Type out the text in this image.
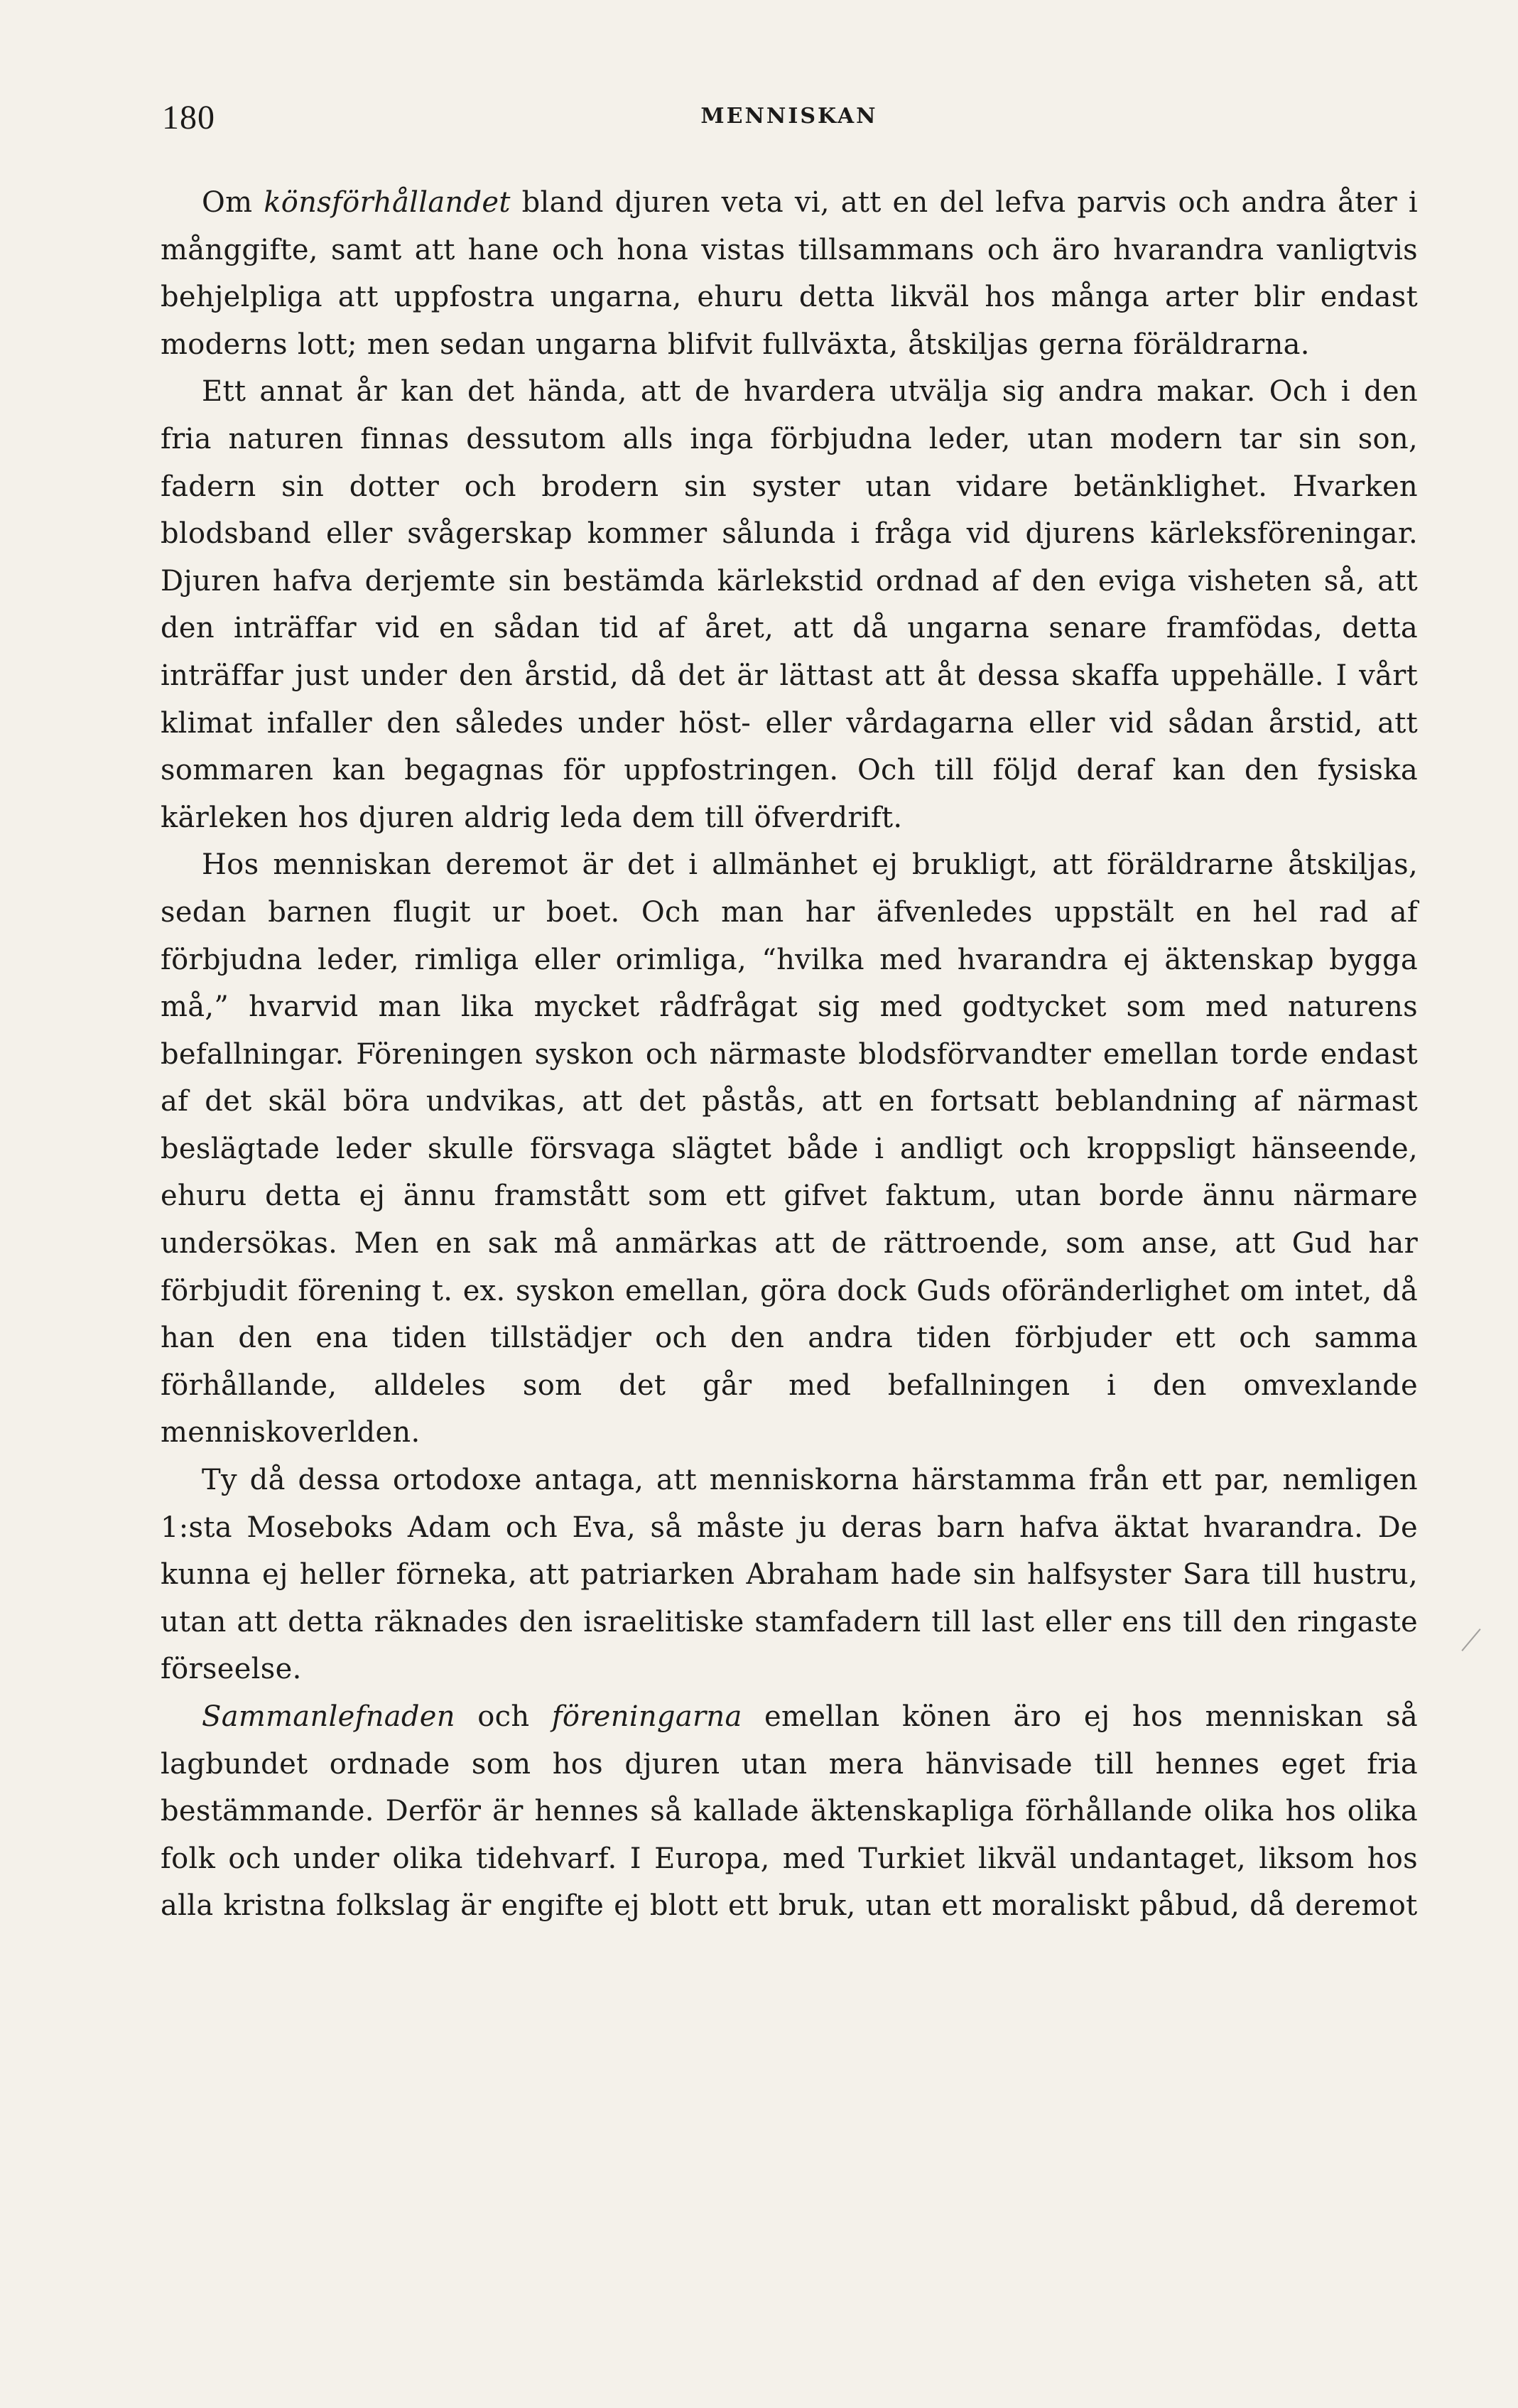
180	MENNISKAN

Om könsförhållandet bland djuren veta vi, att en del lefva parvis och andra åter i månggifte, samt att hane och hona vistas tillsammans och äro hvarandra vanligtvis behjelpliga att uppfostra ungarna, ehuru detta likväl hos många arter blir endast moderns lott; men sedan ungarna blifvit fullväxta, åtskiljas gerna föräldrarna.

Ett annat år kan det hända, att de hvardera utvälja sig andra makar. Och i den fria naturen finnas dessutom alls inga förbjudna leder, utan modern tar sin son, fadern sin dotter och brodern sin syster utan vidare betänklighet. Hvarken blodsband eller svågerskap kommer sålunda i fråga vid djurens kärleksföreningar. Djuren hafva derjemte sin bestämda kärlekstid ordnad af den eviga visheten så, att den inträffar vid en sådan tid af året, att då ungarna senare framfödas, detta inträffar just under den årstid, då det är lättast att åt dessa skaffa uppehälle. I vårt klimat infaller den således under höst- eller vårdagarna eller vid sådan årstid, att sommaren kan begagnas för uppfostringen. Och till följd deraf kan den fysiska kärleken hos djuren aldrig leda dem till öfverdrift.

Hos menniskan deremot är det i allmänhet ej brukligt, att föräldrarne åtskiljas, sedan barnen flugit ur boet. Och man har äfvenledes uppstält en hel rad af förbjudna leder, rimliga eller orimliga, “hvilka med hvarandra ej äktenskap bygga må,” hvarvid man lika mycket rådfrågat sig med godtycket som med naturens befallningar. Föreningen syskon och närmaste blodsförvandter emellan torde endast af det skäl böra undvikas, att det påstås, att en fortsatt beblandning af närmast beslägtade leder skulle försvaga slägtet både i andligt och kroppsligt hänseende, ehuru detta ej ännu framstått som ett gifvet faktum, utan borde ännu närmare undersökas. Men en sak må anmärkas att de rättroende, som anse, att Gud har förbjudit förening t. ex. syskon emellan, göra dock Guds oföränderlighet om intet, då han den ena tiden tillstädjer och den andra tiden förbjuder ett och samma förhållande, alldeles som det går med befallningen i den omvexlande menniskoverlden.

Ty då dessa ortodoxe antaga, att menniskorna härstamma från ett par, nemligen 1:sta Moseboks Adam och Eva, så måste ju deras barn hafva äktat hvarandra. De kunna ej heller förneka, att patriarken Abraham hade sin halfsyster Sara till hustru, utan att detta räknades den israelitiske stamfadern till last eller ens till den ringaste förseelse.

Sammanlefnaden och föreningarna emellan könen äro ej hos menniskan så lagbundet ordnade som hos djuren utan mera hänvisade till hennes eget fria bestämmande. Derför är hennes så kallade äktenskapliga förhållande olika hos olika folk och under olika tidehvarf. I Europa, med Turkiet likväl undantaget, liksom hos alla kristna folkslag är engifte ej blott ett bruk, utan ett moraliskt påbud, då deremot
